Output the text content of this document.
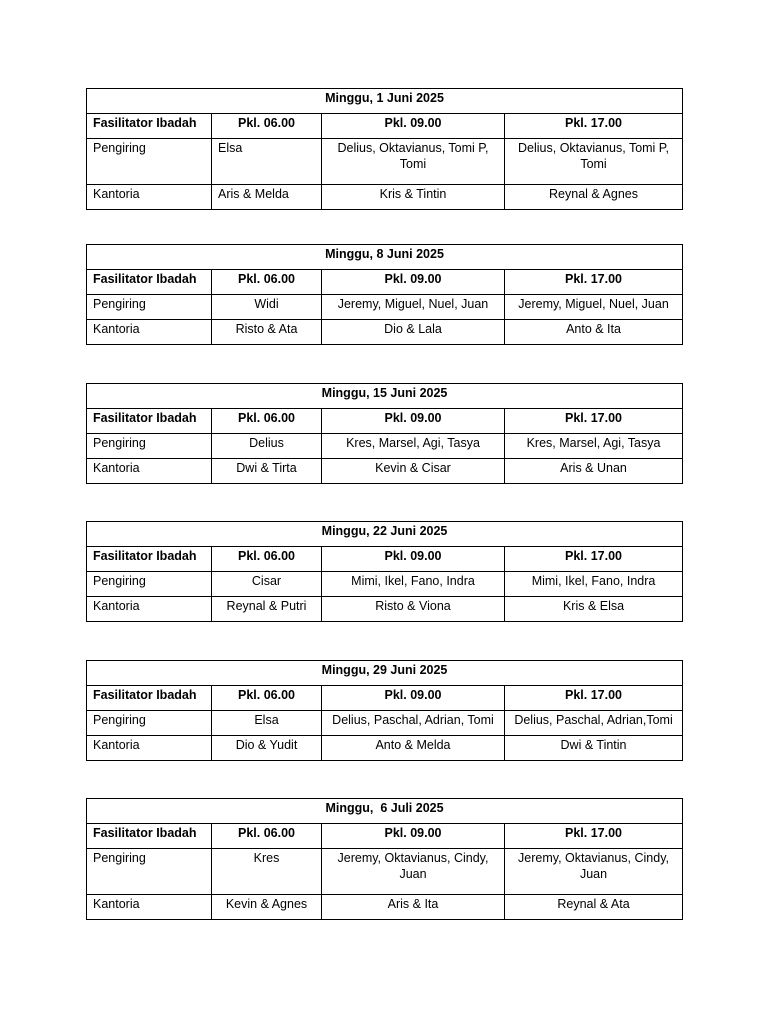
Minggu, 1 Juni 2025			
Fasilitator Ibadah	Pkl. 06.00	Pkl. 09.00	Pkl. 17.00
Pengiring	Elsa	Delius, Oktavianus, Tomi P, Tomi	Delius, Oktavianus, Tomi P, Tomi
Kantoria	Aris & Melda	Kris & Tintin	Reynal & Agnes
Minggu, 8 Juni 2025			
Fasilitator Ibadah	Pkl. 06.00	Pkl. 09.00	Pkl. 17.00
Pengiring	Widi	Jeremy, Miguel, Nuel, Juan	Jeremy, Miguel, Nuel, Juan
Kantoria	Risto & Ata	Dio & Lala	Anto & Ita
Minggu, 15 Juni 2025			
Fasilitator Ibadah	Pkl. 06.00	Pkl. 09.00	Pkl. 17.00
Pengiring	Delius	Kres, Marsel, Agi, Tasya	Kres, Marsel, Agi, Tasya
Kantoria	Dwi & Tirta	Kevin & Cisar	Aris & Unan
Minggu, 22 Juni 2025			
Fasilitator Ibadah	Pkl. 06.00	Pkl. 09.00	Pkl. 17.00
Pengiring	Cisar	Mimi, Ikel, Fano, Indra	Mimi, Ikel, Fano, Indra
Kantoria	Reynal & Putri	Risto & Viona	Kris & Elsa
Minggu, 29 Juni 2025			
Fasilitator Ibadah	Pkl. 06.00	Pkl. 09.00	Pkl. 17.00
Pengiring	Elsa	Delius, Paschal, Adrian, Tomi	Delius, Paschal, Adrian,Tomi
Kantoria	Dio & Yudit	Anto & Melda	Dwi & Tintin
Minggu,  6 Juli 2025			
Fasilitator Ibadah	Pkl. 06.00	Pkl. 09.00	Pkl. 17.00
Pengiring	Kres	Jeremy, Oktavianus, Cindy, Juan	Jeremy, Oktavianus, Cindy, Juan
Kantoria	Kevin & Agnes	Aris & Ita	Reynal & Ata
